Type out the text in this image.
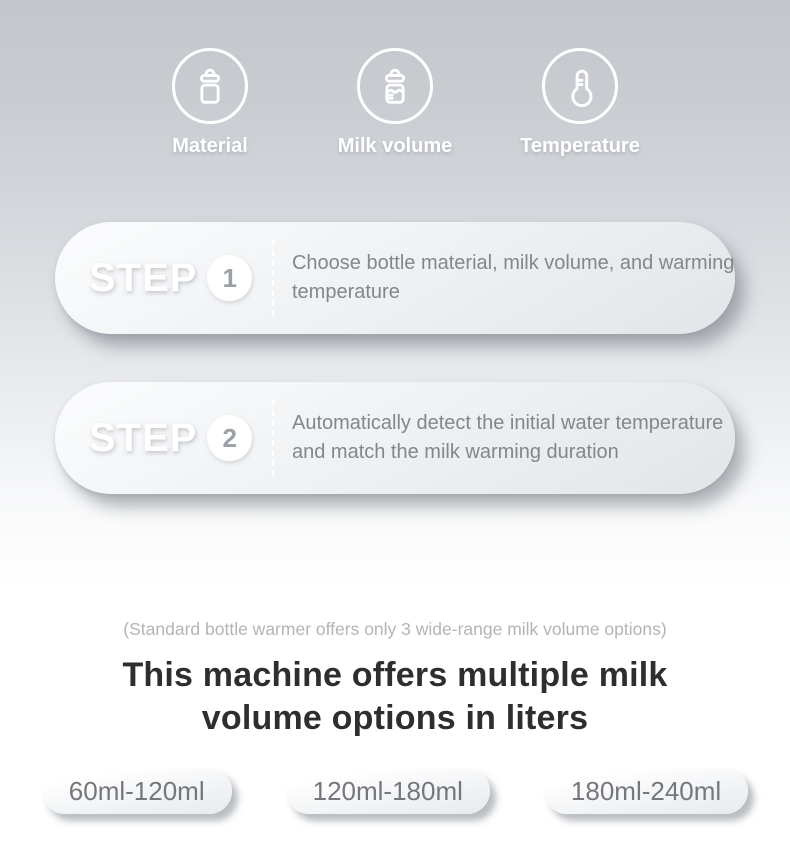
Material	Milk volume	Temperature
STEP 1	Choose bottle material, milk volume, and warming temperature
STEP 2	Automatically detect the initial water temperature and match the milk warming duration
(Standard bottle warmer offers only 3 wide-range milk volume options)
This machine offers multiple milk
volume options in liters
60ml-120ml	120ml-180ml	180ml-240ml
